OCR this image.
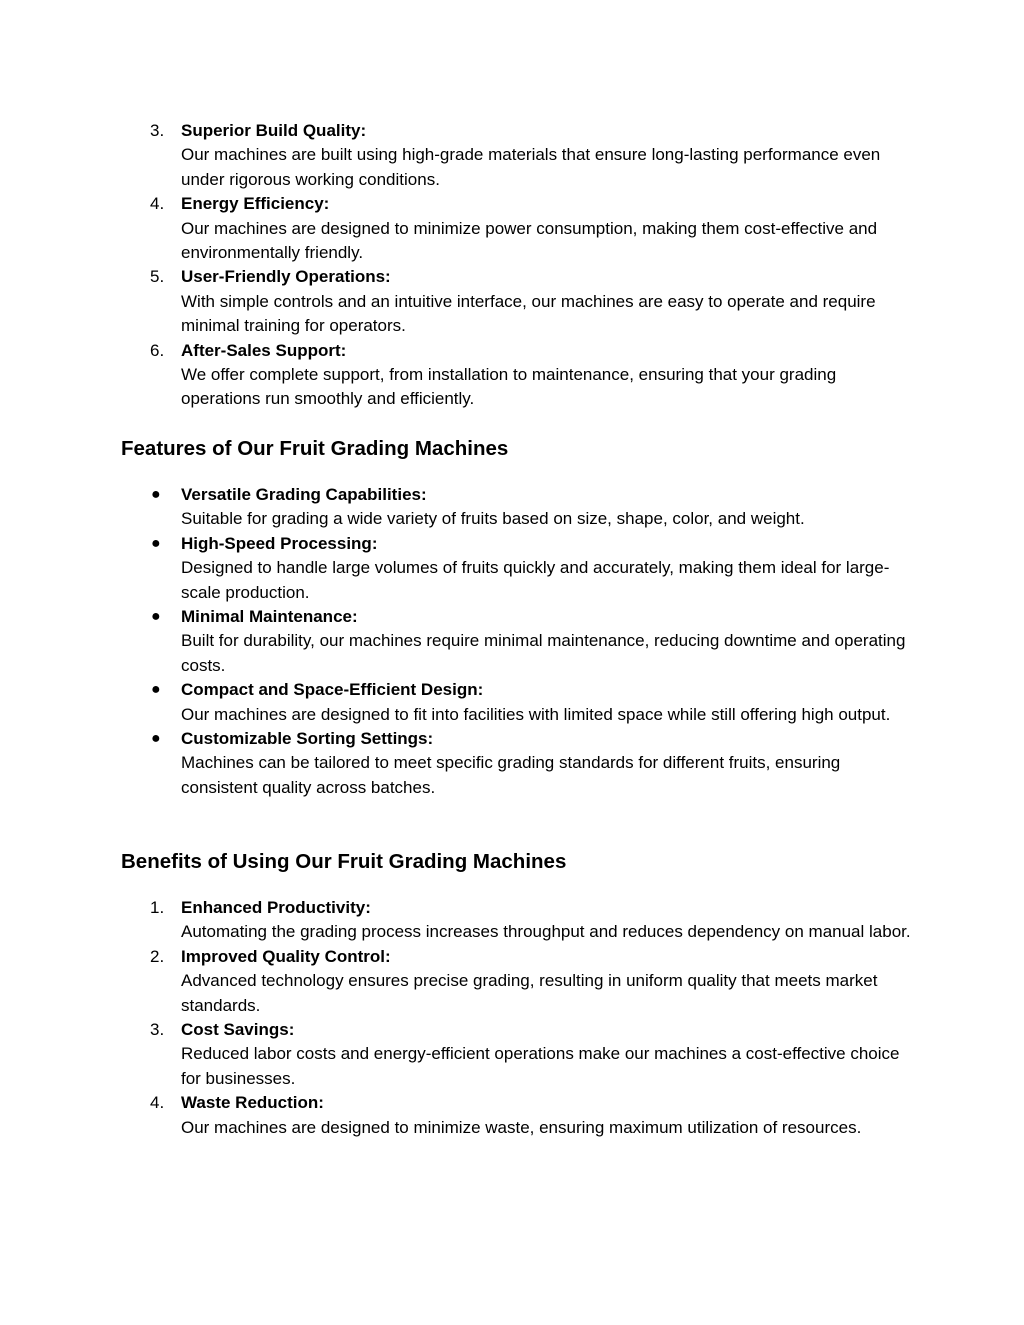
3. Superior Build Quality:
Our machines are built using high-grade materials that ensure long-lasting performance even under rigorous working conditions.
4. Energy Efficiency:
Our machines are designed to minimize power consumption, making them cost-effective and environmentally friendly.
5. User-Friendly Operations:
With simple controls and an intuitive interface, our machines are easy to operate and require minimal training for operators.
6. After-Sales Support:
We offer complete support, from installation to maintenance, ensuring that your grading operations run smoothly and efficiently.
Features of Our Fruit Grading Machines
●	Versatile Grading Capabilities:
Suitable for grading a wide variety of fruits based on size, shape, color, and weight.
●	High-Speed Processing:
Designed to handle large volumes of fruits quickly and accurately, making them ideal for large-scale production.
●	Minimal Maintenance:
Built for durability, our machines require minimal maintenance, reducing downtime and operating costs.
●	Compact and Space-Efficient Design:
Our machines are designed to fit into facilities with limited space while still offering high output.
●	Customizable Sorting Settings:
Machines can be tailored to meet specific grading standards for different fruits, ensuring consistent quality across batches.
Benefits of Using Our Fruit Grading Machines
1. Enhanced Productivity:
Automating the grading process increases throughput and reduces dependency on manual labor.
2. Improved Quality Control:
Advanced technology ensures precise grading, resulting in uniform quality that meets market standards.
3. Cost Savings:
Reduced labor costs and energy-efficient operations make our machines a cost-effective choice for businesses.
4. Waste Reduction:
Our machines are designed to minimize waste, ensuring maximum utilization of resources.
